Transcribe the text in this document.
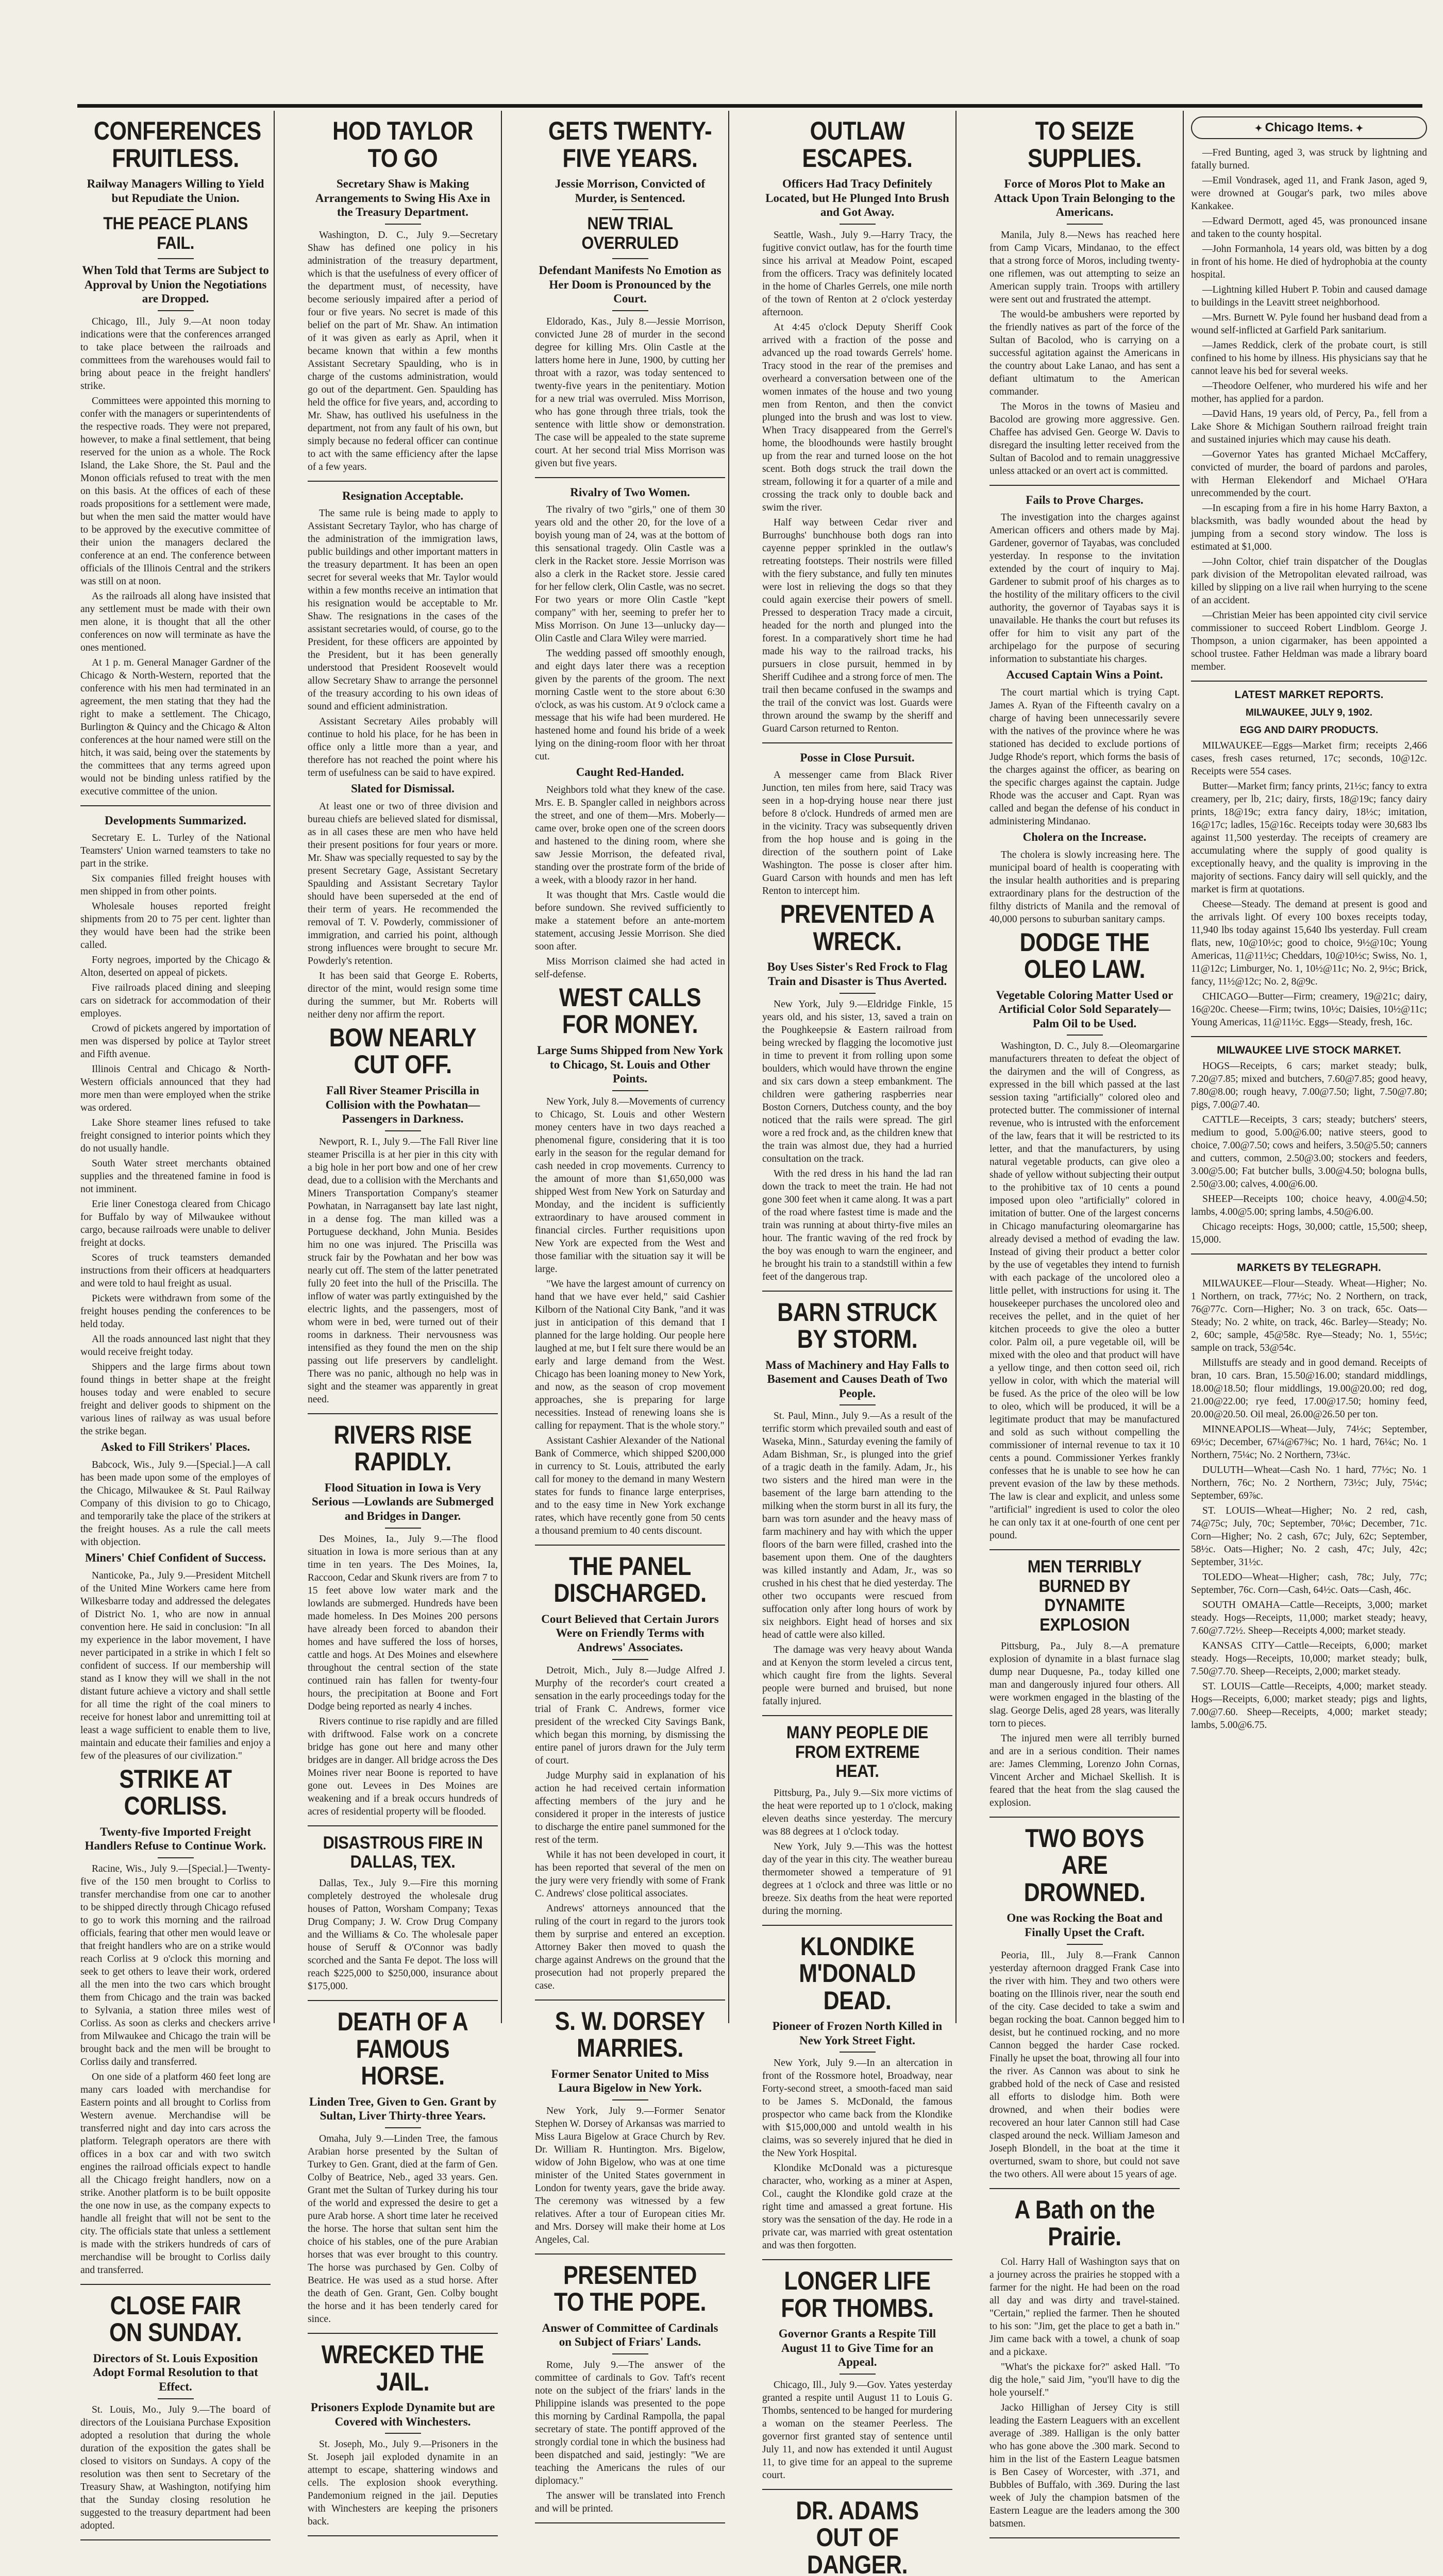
CONFERENCES FRUITLESS.
Railway Managers Willing to Yield but Repudiate the Union.
THE PEACE PLANS FAIL.
When Told that Terms are Subject to Approval by Union the Negotiations are Dropped.

Chicago, Ill., July 9.—At noon today indications were that the conferences arranged to take place between the railroads and committees from the warehouses would fail to bring about peace in the freight handlers' strike.

Committees were appointed this morning to confer with the managers or superintendents of the respective roads. They were not prepared, however, to make a final settlement, that being reserved for the union as a whole. The Rock Island, the Lake Shore, the St. Paul and the Monon officials refused to treat with the men on this basis. At the offices of each of these roads propositions for a settlement were made, but when the men said the matter would have to be approved by the executive committee of their union the managers declared the conference at an end. The conference between officials of the Illinois Central and the strikers was still on at noon.

As the railroads all along have insisted that any settlement must be made with their own men alone, it is thought that all the other conferences on now will terminate as have the ones mentioned.

At 1 p. m. General Manager Gardner of the Chicago & North-Western, reported that the conference with his men had terminated in an agreement, the men stating that they had the right to make a settlement. The Chicago, Burlington & Quincy and the Chicago & Alton conferences at the hour named were still on the hitch, it was said, being over the statements by the committees that any terms agreed upon would not be binding unless ratified by the executive committee of the union.

Developments Summarized.

Secretary E. L. Turley of the National Teamsters' Union warned teamsters to take no part in the strike.

Six companies filled freight houses with men shipped in from other points.

Wholesale houses reported freight shipments from 20 to 75 per cent. lighter than they would have been had the strike been called.

Forty negroes, imported by the Chicago & Alton, deserted on appeal of pickets.

Five railroads placed dining and sleeping cars on sidetrack for accommodation of their employes.

Crowd of pickets angered by importation of men was dispersed by police at Taylor street and Fifth avenue.

Illinois Central and Chicago & North-Western officials announced that they had more men than were employed when the strike was ordered.

Lake Shore steamer lines refused to take freight consigned to interior points which they do not usually handle.

South Water street merchants obtained supplies and the threatened famine in food is not imminent.

Erie liner Conestoga cleared from Chicago for Buffalo by way of Milwaukee without cargo, because railroads were unable to deliver freight at docks.

Scores of truck teamsters demanded instructions from their officers at headquarters and were told to haul freight as usual.

Pickets were withdrawn from some of the freight houses pending the conferences to be held today.

All the roads announced last night that they would receive freight today.

Shippers and the large firms about town found things in better shape at the freight houses today and were enabled to secure freight and deliver goods to shipment on the various lines of railway as was usual before the strike began.

Asked to Fill Strikers' Places.

Babcock, Wis., July 9.—[Special.]—A call has been made upon some of the employes of the Chicago, Milwaukee & St. Paul Railway Company of this division to go to Chicago, and temporarily take the place of the strikers at the freight houses. As a rule the call meets with objection.

Miners' Chief Confident of Success.

Nanticoke, Pa., July 9.—President Mitchell of the United Mine Workers came here from Wilkesbarre today and addressed the delegates of District No. 1, who are now in annual convention here. He said in conclusion: "In all my experience in the labor movement, I have never participated in a strike in which I felt so confident of success. If our membership will stand as I know they will we shall in the not distant future achieve a victory and shall settle for all time the right of the coal miners to receive for honest labor and unremitting toil at least a wage sufficient to enable them to live, maintain and educate their families and enjoy a few of the pleasures of our civilization."

STRIKE AT CORLISS.
Twenty-five Imported Freight Handlers Refuse to Continue Work.

Racine, Wis., July 9.—[Special.]—Twenty-five of the 150 men brought to Corliss to transfer merchandise from one car to another to be shipped directly through Chicago refused to go to work this morning and the railroad officials, fearing that other men would leave or that freight handlers who are on a strike would reach Corliss at 9 o'clock this morning and seek to get others to leave their work, ordered all the men into the two cars which brought them from Chicago and the train was backed to Sylvania, a station three miles west of Corliss. As soon as clerks and checkers arrive from Milwaukee and Chicago the train will be brought back and the men will be brought to Corliss daily and transferred.

On one side of a platform 460 feet long are many cars loaded with merchandise for Eastern points and all brought to Corliss from Western avenue. Merchandise will be transferred night and day into cars across the platform. Telegraph operators are there with offices in a box car and with two switch engines the railroad officials expect to handle all the Chicago freight handlers, now on a strike. Another platform is to be built opposite the one now in use, as the company expects to handle all freight that will not be sent to the city. The officials state that unless a settlement is made with the strikers hundreds of cars of merchandise will be brought to Corliss daily and transferred.

CLOSE FAIR ON SUNDAY.
Directors of St. Louis Exposition Adopt Formal Resolution to that Effect.

St. Louis, Mo., July 9.—The board of directors of the Louisiana Purchase Exposition adopted a resolution that during the whole duration of the exposition the gates shall be closed to visitors on Sundays. A copy of the resolution was then sent to Secretary of the Treasury Shaw, at Washington, notifying him that the Sunday closing resolution he suggested to the treasury department had been adopted.

HOD TAYLOR TO GO
Secretary Shaw is Making Arrangements to Swing His Axe in the Treasury Department.

Washington, D. C., July 9.—Secretary Shaw has defined one policy in his administration of the treasury department, which is that the usefulness of every officer of the department must, of necessity, have become seriously impaired after a period of four or five years. No secret is made of this belief on the part of Mr. Shaw. An intimation of it was given as early as April, when it became known that within a few months Assistant Secretary Spaulding, who is in charge of the customs administration, would go out of the department. Gen. Spaulding has held the office for five years, and, according to Mr. Shaw, has outlived his usefulness in the department, not from any fault of his own, but simply because no federal officer can continue to act with the same efficiency after the lapse of a few years.

Resignation Acceptable.

The same rule is being made to apply to Assistant Secretary Taylor, who has charge of the administration of the immigration laws, public buildings and other important matters in the treasury department. It has been an open secret for several weeks that Mr. Taylor would within a few months receive an intimation that his resignation would be acceptable to Mr. Shaw. The resignations in the cases of the assistant secretaries would, of course, go to the President, for these officers are appointed by the President, but it has been generally understood that President Roosevelt would allow Secretary Shaw to arrange the personnel of the treasury according to his own ideas of sound and efficient administration.

Assistant Secretary Ailes probably will continue to hold his place, for he has been in office only a little more than a year, and therefore has not reached the point where his term of usefulness can be said to have expired.

Slated for Dismissal.

At least one or two of three division and bureau chiefs are believed slated for dismissal, as in all cases these are men who have held their present positions for four years or more. Mr. Shaw was specially requested to say by the present Secretary Gage, Assistant Secretary Spaulding and Assistant Secretary Taylor should have been superseded at the end of their term of years. He recommended the removal of T. V. Powderly, commissioner of immigration, and carried his point, although strong influences were brought to secure Mr. Powderly's retention.

It has been said that George E. Roberts, director of the mint, would resign some time during the summer, but Mr. Roberts will neither deny nor affirm the report.

BOW NEARLY CUT OFF.
Fall River Steamer Priscilla in Collision with the Powhatan—Passengers in Darkness.

Newport, R. I., July 9.—The Fall River line steamer Priscilla is at her pier in this city with a big hole in her port bow and one of her crew dead, due to a collision with the Merchants and Miners Transportation Company's steamer Powhatan, in Narragansett bay late last night, in a dense fog. The man killed was a Portuguese deckhand, John Munia. Besides him no one was injured. The Priscilla was struck fair by the Powhatan and her bow was nearly cut off. The stem of the latter penetrated fully 20 feet into the hull of the Priscilla. The inflow of water was partly extinguished by the electric lights, and the passengers, most of whom were in bed, were turned out of their rooms in darkness. Their nervousness was intensified as they found the men on the ship passing out life preservers by candlelight. There was no panic, although no help was in sight and the steamer was apparently in great need.

RIVERS RISE RAPIDLY.
Flood Situation in Iowa is Very Serious —Lowlands are Submerged and Bridges in Danger.

Des Moines, Ia., July 9.—The flood situation in Iowa is more serious than at any time in ten years. The Des Moines, Ia, Raccoon, Cedar and Skunk rivers are from 7 to 15 feet above low water mark and the lowlands are submerged. Hundreds have been made homeless. In Des Moines 200 persons have already been forced to abandon their homes and have suffered the loss of horses, cattle and hogs. At Des Moines and elsewhere throughout the central section of the state continued rain has fallen for twenty-four hours, the precipitation at Boone and Fort Dodge being reported as nearly 4 inches.

Rivers continue to rise rapidly and are filled with driftwood. False work on a concrete bridge has gone out here and many other bridges are in danger. All bridge across the Des Moines river near Boone is reported to have gone out. Levees in Des Moines are weakening and if a break occurs hundreds of acres of residential property will be flooded.

DISASTROUS FIRE IN DALLAS, TEX.

Dallas, Tex., July 9.—Fire this morning completely destroyed the wholesale drug houses of Patton, Worsham Company; Texas Drug Company; J. W. Crow Drug Company and the Williams & Co. The wholesale paper house of Seruff & O'Connor was badly scorched and the Santa Fe depot. The loss will reach $225,000 to $250,000, insurance about $175,000.

DEATH OF A FAMOUS HORSE.
Linden Tree, Given to Gen. Grant by Sultan, Liver Thirty-three Years.

Omaha, July 9.—Linden Tree, the famous Arabian horse presented by the Sultan of Turkey to Gen. Grant, died at the farm of Gen. Colby of Beatrice, Neb., aged 33 years. Gen. Grant met the Sultan of Turkey during his tour of the world and expressed the desire to get a pure Arab horse. A short time later he received the horse. The horse that sultan sent him the choice of his stables, one of the pure Arabian horses that was ever brought to this country. The horse was purchased by Gen. Colby of Beatrice. He was used as a stud horse. After the death of Gen. Grant, Gen. Colby bought the horse and it has been tenderly cared for since.

WRECKED THE JAIL.
Prisoners Explode Dynamite but are Covered with Winchesters.

St. Joseph, Mo., July 9.—Prisoners in the St. Joseph jail exploded dynamite in an attempt to escape, shattering windows and cells. The explosion shook everything. Pandemonium reigned in the jail. Deputies with Winchesters are keeping the prisoners back.

GETS TWENTY-FIVE YEARS.
Jessie Morrison, Convicted of Murder, is Sentenced.
NEW TRIAL OVERRULED
Defendant Manifests No Emotion as Her Doom is Pronounced by the Court.

Eldorado, Kas., July 8.—Jessie Morrison, convicted June 28 of murder in the second degree for killing Mrs. Olin Castle at the latters home here in June, 1900, by cutting her throat with a razor, was today sentenced to twenty-five years in the penitentiary. Motion for a new trial was overruled. Miss Morrison, who has gone through three trials, took the sentence with little show or demonstration. The case will be appealed to the state supreme court. At her second trial Miss Morrison was given but five years.

Rivalry of Two Women.

The rivalry of two "girls," one of them 30 years old and the other 20, for the love of a boyish young man of 24, was at the bottom of this sensational tragedy. Olin Castle was a clerk in the Racket store. Jessie Morrison was also a clerk in the Racket store. Jessie cared for her fellow clerk, Olin Castle, was no secret. For two years or more Olin Castle "kept company" with her, seeming to prefer her to Miss Morrison. On June 13—unlucky day—Olin Castle and Clara Wiley were married.

The wedding passed off smoothly enough, and eight days later there was a reception given by the parents of the groom. The next morning Castle went to the store about 6:30 o'clock, as was his custom. At 9 o'clock came a message that his wife had been murdered. He hastened home and found his bride of a week lying on the dining-room floor with her throat cut.

Caught Red-Handed.

Neighbors told what they knew of the case. Mrs. E. B. Spangler called in neighbors across the street, and one of them—Mrs. Moberly—came over, broke open one of the screen doors and hastened to the dining room, where she saw Jessie Morrison, the defeated rival, standing over the prostrate form of the bride of a week, with a bloody razor in her hand.

It was thought that Mrs. Castle would die before sundown. She revived sufficiently to make a statement before an ante-mortem statement, accusing Jessie Morrison. She died soon after.

Miss Morrison claimed she had acted in self-defense.

WEST CALLS FOR MONEY.
Large Sums Shipped from New York to Chicago, St. Louis and Other Points.

New York, July 8.—Movements of currency to Chicago, St. Louis and other Western money centers have in two days reached a phenomenal figure, considering that it is too early in the season for the regular demand for cash needed in crop movements. Currency to the amount of more than $1,650,000 was shipped West from New York on Saturday and Monday, and the incident is sufficiently extraordinary to have aroused comment in financial circles. Further requisitions upon New York are expected from the West and those familiar with the situation say it will be large.

"We have the largest amount of currency on hand that we have ever held," said Cashier Kilborn of the National City Bank, "and it was just in anticipation of this demand that I planned for the large holding. Our people here laughed at me, but I felt sure there would be an early and large demand from the West. Chicago has been loaning money to New York, and now, as the season of crop movement approaches, she is preparing for large necessities. Instead of renewing loans she is calling for repayment. That is the whole story."

Assistant Cashier Alexander of the National Bank of Commerce, which shipped $200,000 in currency to St. Louis, attributed the early call for money to the demand in many Western states for funds to finance large enterprises, and to the easy time in New York exchange rates, which have recently gone from 50 cents a thousand premium to 40 cents discount.

THE PANEL DISCHARGED.
Court Believed that Certain Jurors Were on Friendly Terms with Andrews' Associates.

Detroit, Mich., July 8.—Judge Alfred J. Murphy of the recorder's court created a sensation in the early proceedings today for the trial of Frank C. Andrews, former vice president of the wrecked City Savings Bank, which began this morning, by dismissing the entire panel of jurors drawn for the July term of court.

Judge Murphy said in explanation of his action he had received certain information affecting members of the jury and he considered it proper in the interests of justice to discharge the entire panel summoned for the rest of the term.

While it has not been developed in court, it has been reported that several of the men on the jury were very friendly with some of Frank C. Andrews' close political associates.

Andrews' attorneys announced that the ruling of the court in regard to the jurors took them by surprise and entered an exception. Attorney Baker then moved to quash the charge against Andrews on the ground that the prosecution had not properly prepared the case.

S. W. DORSEY MARRIES.
Former Senator United to Miss Laura Bigelow in New York.

New York, July 9.—Former Senator Stephen W. Dorsey of Arkansas was married to Miss Laura Bigelow at Grace Church by Rev. Dr. William R. Huntington. Mrs. Bigelow, widow of John Bigelow, who was at one time minister of the United States government in London for twenty years, gave the bride away. The ceremony was witnessed by a few relatives. After a tour of European cities Mr. and Mrs. Dorsey will make their home at Los Angeles, Cal.

PRESENTED TO THE POPE.
Answer of Committee of Cardinals on Subject of Friars' Lands.

Rome, July 9.—The answer of the committee of cardinals to Gov. Taft's recent note on the subject of the friars' lands in the Philippine islands was presented to the pope this morning by Cardinal Rampolla, the papal secretary of state. The pontiff approved of the strongly cordial tone in which the business had been dispatched and said, jestingly: "We are teaching the Americans the rules of our diplomacy."

The answer will be translated into French and will be printed.

OUTLAW ESCAPES.
Officers Had Tracy Definitely Located, but He Plunged Into Brush and Got Away.

Seattle, Wash., July 9.—Harry Tracy, the fugitive convict outlaw, has for the fourth time since his arrival at Meadow Point, escaped from the officers. Tracy was definitely located in the home of Charles Gerrels, one mile north of the town of Renton at 2 o'clock yesterday afternoon.

At 4:45 o'clock Deputy Sheriff Cook arrived with a fraction of the posse and advanced up the road towards Gerrels' home. Tracy stood in the rear of the premises and overheard a conversation between one of the women inmates of the house and two young men from Renton, and then the convict plunged into the brush and was lost to view. When Tracy disappeared from the Gerrel's home, the bloodhounds were hastily brought up from the rear and turned loose on the hot scent. Both dogs struck the trail down the stream, following it for a quarter of a mile and crossing the track only to double back and swim the river.

Half way between Cedar river and Burroughs' bunchhouse both dogs ran into cayenne pepper sprinkled in the outlaw's retreating footsteps. Their nostrils were filled with the fiery substance, and fully ten minutes were lost in relieving the dogs so that they could again exercise their powers of smell. Pressed to desperation Tracy made a circuit, headed for the north and plunged into the forest. In a comparatively short time he had made his way to the railroad tracks, his pursuers in close pursuit, hemmed in by Sheriff Cudihee and a strong force of men. The trail then became confused in the swamps and the trail of the convict was lost. Guards were thrown around the swamp by the sheriff and Guard Carson returned to Renton.

Posse in Close Pursuit.

A messenger came from Black River Junction, ten miles from here, said Tracy was seen in a hop-drying house near there just before 8 o'clock. Hundreds of armed men are in the vicinity. Tracy was subsequently driven from the hop house and is going in the direction of the southern point of Lake Washington. The posse is closer after him. Guard Carson with hounds and men has left Renton to intercept him.

PREVENTED A WRECK.
Boy Uses Sister's Red Frock to Flag Train and Disaster is Thus Averted.

New York, July 9.—Eldridge Finkle, 15 years old, and his sister, 13, saved a train on the Poughkeepsie & Eastern railroad from being wrecked by flagging the locomotive just in time to prevent it from rolling upon some boulders, which would have thrown the engine and six cars down a steep embankment. The children were gathering raspberries near Boston Corners, Dutchess county, and the boy noticed that the rails were spread. The girl wore a red frock and, as the children knew that the train was almost due, they had a hurried consultation on the track.

With the red dress in his hand the lad ran down the track to meet the train. He had not gone 300 feet when it came along. It was a part of the road where fastest time is made and the train was running at about thirty-five miles an hour. The frantic waving of the red frock by the boy was enough to warn the engineer, and he brought his train to a standstill within a few feet of the dangerous trap.

BARN STRUCK BY STORM.
Mass of Machinery and Hay Falls to Basement and Causes Death of Two People.

St. Paul, Minn., July 9.—As a result of the terrific storm which prevailed south and east of Waseka, Minn., Saturday evening the family of Adam Bishman, Sr., is plunged into the grief of a tragic death in the family. Adam, Jr., his two sisters and the hired man were in the basement of the large barn attending to the milking when the storm burst in all its fury, the barn was torn asunder and the heavy mass of farm machinery and hay with which the upper floors of the barn were filled, crashed into the basement upon them. One of the daughters was killed instantly and Adam, Jr., was so crushed in his chest that he died yesterday. The other two occupants were rescued from suffocation only after long hours of work by six neighbors. Eight head of horses and six head of cattle were also killed.

The damage was very heavy about Wanda and at Kenyon the storm leveled a circus tent, which caught fire from the lights. Several people were burned and bruised, but none fatally injured.

MANY PEOPLE DIE FROM EXTREME HEAT.

Pittsburg, Pa., July 9.—Six more victims of the heat were reported up to 1 o'clock, making eleven deaths since yesterday. The mercury was 88 degrees at 1 o'clock today.

New York, July 9.—This was the hottest day of the year in this city. The weather bureau thermometer showed a temperature of 91 degrees at 1 o'clock and three was little or no breeze. Six deaths from the heat were reported during the morning.

KLONDIKE M'DONALD DEAD.
Pioneer of Frozen North Killed in New York Street Fight.

New York, July 9.—In an altercation in front of the Rossmore hotel, Broadway, near Forty-second street, a smooth-faced man said to be James S. McDonald, the famous prospector who came back from the Klondike with $15,000,000 and untold wealth in his claims, was so severely injured that he died in the New York Hospital.

Klondike McDonald was a picturesque character, who, working as a miner at Aspen, Col., caught the Klondike gold craze at the right time and amassed a great fortune. His story was the sensation of the day. He rode in a private car, was married with great ostentation and was then forgotten.

LONGER LIFE FOR THOMBS.
Governor Grants a Respite Till August 11 to Give Time for an Appeal.

Chicago, Ill., July 9.—Gov. Yates yesterday granted a respite until August 11 to Louis G. Thombs, sentenced to be hanged for murdering a woman on the steamer Peerless. The governor first granted stay of sentence until July 11, and now has extended it until August 11, to give time for an appeal to the supreme court.

DR. ADAMS OUT OF DANGER.

TO SEIZE SUPPLIES.
Force of Moros Plot to Make an Attack Upon Train Belonging to the Americans.

Manila, July 8.—News has reached here from Camp Vicars, Mindanao, to the effect that a strong force of Moros, including twenty-one riflemen, was out attempting to seize an American supply train. Troops with artillery were sent out and frustrated the attempt.

The would-be ambushers were reported by the friendly natives as part of the force of the Sultan of Bacolod, who is carrying on a successful agitation against the Americans in the country about Lake Lanao, and has sent a defiant ultimatum to the American commander.

The Moros in the towns of Masieu and Bacolod are growing more aggressive. Gen. Chaffee has advised Gen. George W. Davis to disregard the insulting letter received from the Sultan of Bacolod and to remain unaggressive unless attacked or an overt act is committed.

Fails to Prove Charges.

The investigation into the charges against American officers and others made by Maj. Gardener, governor of Tayabas, was concluded yesterday. In response to the invitation extended by the court of inquiry to Maj. Gardener to submit proof of his charges as to the hostility of the military officers to the civil authority, the governor of Tayabas says it is unavailable. He thanks the court but refuses its offer for him to visit any part of the archipelago for the purpose of securing information to substantiate his charges.

Accused Captain Wins a Point.

The court martial which is trying Capt. James A. Ryan of the Fifteenth cavalry on a charge of having been unnecessarily severe with the natives of the province where he was stationed has decided to exclude portions of Judge Rhode's report, which forms the basis of the charges against the officer, as bearing on the specific charges against the captain. Judge Rhode was the accuser and Capt. Ryan was called and began the defense of his conduct in administering Mindanao.

Cholera on the Increase.

The cholera is slowly increasing here. The municipal board of health is cooperating with the insular health authorities and is preparing extraordinary plans for the destruction of the filthy districts of Manila and the removal of 40,000 persons to suburban sanitary camps.

DODGE THE OLEO LAW.
Vegetable Coloring Matter Used or Artificial Color Sold Separately—Palm Oil to be Used.

Washington, D. C., July 8.—Oleomargarine manufacturers threaten to defeat the object of the dairymen and the will of Congress, as expressed in the bill which passed at the last session taxing "artificially" colored oleo and protected butter. The commissioner of internal revenue, who is intrusted with the enforcement of the law, fears that it will be restricted to its letter, and that the manufacturers, by using natural vegetable products, can give oleo a shade of yellow without subjecting their output to the prohibitive tax of 10 cents a pound imposed upon oleo "artificially" colored in imitation of butter. One of the largest concerns in Chicago manufacturing oleomargarine has already devised a method of evading the law. Instead of giving their product a better color by the use of vegetables they intend to furnish with each package of the uncolored oleo a little pellet, with instructions for using it. The housekeeper purchases the uncolored oleo and receives the pellet, and in the quiet of her kitchen proceeds to give the oleo a butter color. Palm oil, a pure vegetable oil, will be mixed with the oleo and that product will have a yellow tinge, and then cotton seed oil, rich yellow in color, with which the material will be fused. As the price of the oleo will be low to oleo, which will be produced, it will be a legitimate product that may be manufactured and sold as such without compelling the commissioner of internal revenue to tax it 10 cents a pound. Commissioner Yerkes frankly confesses that he is unable to see how he can prevent evasion of the law by these methods. The law is clear and explicit, and unless some "artificial" ingredient is used to color the oleo he can only tax it at one-fourth of one cent per pound.

MEN TERRIBLY BURNED BY DYNAMITE EXPLOSION

Pittsburg, Pa., July 8.—A premature explosion of dynamite in a blast furnace slag dump near Duquesne, Pa., today killed one man and dangerously injured four others. All were workmen engaged in the blasting of the slag. George Delis, aged 28 years, was literally torn to pieces.

The injured men were all terribly burned and are in a serious condition. Their names are: James Clemming, Lorenzo John Cornas, Vincent Archer and Michael Skellish. It is feared that the heat from the slag caused the explosion.

TWO BOYS ARE DROWNED.
One was Rocking the Boat and Finally Upset the Craft.

Peoria, Ill., July 8.—Frank Cannon yesterday afternoon dragged Frank Case into the river with him. They and two others were boating on the Illinois river, near the south end of the city. Case decided to take a swim and began rocking the boat. Cannon begged him to desist, but he continued rocking, and no more Cannon begged the harder Case rocked. Finally he upset the boat, throwing all four into the river. As Cannon was about to sink he grabbed hold of the neck of Case and resisted all efforts to dislodge him. Both were drowned, and when their bodies were recovered an hour later Cannon still had Case clasped around the neck. William Jameson and Joseph Blondell, in the boat at the time it overturned, swam to shore, but could not save the two others. All were about 15 years of age.

A Bath on the Prairie.

Col. Harry Hall of Washington says that on a journey across the prairies he stopped with a farmer for the night. He had been on the road all day and was dirty and travel-stained. "Certain," replied the farmer. Then he shouted to his son: "Jim, get the place to get a bath in." Jim came back with a towel, a chunk of soap and a pickaxe.

"What's the pickaxe for?" asked Hall. "To dig the hole," said Jim, "you'll have to dig the hole yourself."

Jacko Hillighan of Jersey City is still leading the Eastern Leaguers with an excellent average of .389. Halligan is the only batter who has gone above the .300 mark. Second to him in the list of the Eastern League batsmen is Ben Casey of Worcester, with .371, and Bubbles of Buffalo, with .369. During the last week of July the champion batsmen of the Eastern League are the leaders among the 300 batsmen.

✦ Chicago Items. ✦

—Fred Bunting, aged 3, was struck by lightning and fatally burned.

—Emil Vondrasek, aged 11, and Frank Jason, aged 9, were drowned at Gougar's park, two miles above Kankakee.

—Edward Dermott, aged 45, was pronounced insane and taken to the county hospital.

—John Formanhola, 14 years old, was bitten by a dog in front of his home. He died of hydrophobia at the county hospital.

—Lightning killed Hubert P. Tobin and caused damage to buildings in the Leavitt street neighborhood.

—Mrs. Burnett W. Pyle found her husband dead from a wound self-inflicted at Garfield Park sanitarium.

—James Reddick, clerk of the probate court, is still confined to his home by illness. His physicians say that he cannot leave his bed for several weeks.

—Theodore Oelfener, who murdered his wife and her mother, has applied for a pardon.

—David Hans, 19 years old, of Percy, Pa., fell from a Lake Shore & Michigan Southern railroad freight train and sustained injuries which may cause his death.

—Governor Yates has granted Michael McCaffery, convicted of murder, the board of pardons and paroles, with Herman Elekendorf and Michael O'Hara unrecommended by the court.

—In escaping from a fire in his home Harry Baxton, a blacksmith, was badly wounded about the head by jumping from a second story window. The loss is estimated at $1,000.

—John Coltor, chief train dispatcher of the Douglas park division of the Metropolitan elevated railroad, was killed by slipping on a live rail when hurrying to the scene of an accident.

—Christian Meier has been appointed city civil service commissioner to succeed Robert Lindblom. George J. Thompson, a union cigarmaker, has been appointed a school trustee. Father Heldman was made a library board member.

LATEST MARKET REPORTS.
MILWAUKEE, JULY 9, 1902.
EGG AND DAIRY PRODUCTS.

MILWAUKEE—Eggs—Market firm; receipts 2,466 cases, fresh cases returned, 17c; seconds, 10@12c. Receipts were 554 cases.

Butter—Market firm; fancy prints, 21½c; fancy to extra creamery, per lb, 21c; dairy, firsts, 18@19c; fancy dairy prints, 18@19c; extra fancy dairy, 18½c; imitation, 16@17c; ladles, 15@16c. Receipts today were 30,683 lbs against 11,500 yesterday. The receipts of creamery are accumulating where the supply of good quality is exceptionally heavy, and the quality is improving in the majority of sections. Fancy dairy will sell quickly, and the market is firm at quotations.

Cheese—Steady. The demand at present is good and the arrivals light. Of every 100 boxes receipts today, 11,940 lbs today against 15,640 lbs yesterday. Full cream flats, new, 10@10½c; good to choice, 9½@10c; Young Americas, 11@11½c; Cheddars, 10@10½c; Swiss, No. 1, 11@12c; Limburger, No. 1, 10½@11c; No. 2, 9½c; Brick, fancy, 11½@12c; No. 2, 8@9c.

CHICAGO—Butter—Firm; creamery, 19@21c; dairy, 16@20c. Cheese—Firm; twins, 10½c; Daisies, 10½@11c; Young Americas, 11@11½c. Eggs—Steady, fresh, 16c.

MILWAUKEE LIVE STOCK MARKET.

HOGS—Receipts, 6 cars; market steady; bulk, 7.20@7.85; mixed and butchers, 7.60@7.85; good heavy, 7.80@8.00; rough heavy, 7.00@7.50; light, 7.50@7.80; pigs, 7.00@7.40.

CATTLE—Receipts, 3 cars; steady; butchers' steers, medium to good, 5.00@6.00; native steers, good to choice, 7.00@7.50; cows and heifers, 3.50@5.50; canners and cutters, common, 2.50@3.00; stockers and feeders, 3.00@5.00; Fat butcher bulls, 3.00@4.50; bologna bulls, 2.50@3.00; calves, 4.00@6.00.

SHEEP—Receipts 100; choice heavy, 4.00@4.50; lambs, 4.00@5.00; spring lambs, 4.50@6.00.

Chicago receipts: Hogs, 30,000; cattle, 15,500; sheep, 15,000.

MARKETS BY TELEGRAPH.

MILWAUKEE—Flour—Steady. Wheat—Higher; No. 1 Northern, on track, 77½c; No. 2 Northern, on track, 76@77c. Corn—Higher; No. 3 on track, 65c. Oats—Steady; No. 2 white, on track, 46c. Barley—Steady; No. 2, 60c; sample, 45@58c. Rye—Steady; No. 1, 55½c; sample on track, 53@54c.

Millstuffs are steady and in good demand. Receipts of bran, 10 cars. Bran, 15.50@16.00; standard middlings, 18.00@18.50; flour middlings, 19.00@20.00; red dog, 21.00@22.00; rye feed, 17.00@17.50; hominy feed, 20.00@20.50. Oil meal, 26.00@26.50 per ton.

MINNEAPOLIS—Wheat—July, 74½c; September, 69½c; December, 67¼@67⅜c; No. 1 hard, 76¼c; No. 1 Northern, 75¼c; No. 2 Northern, 73¼c.

DULUTH—Wheat—Cash No. 1 hard, 77½c; No. 1 Northern, 76c; No. 2 Northern, 73½c; July, 75¼c; September, 69⅞c.

ST. LOUIS—Wheat—Higher; No. 2 red, cash, 74@75c; July, 70c; September, 70⅛c; December, 71c. Corn—Higher; No. 2 cash, 67c; July, 62c; September, 58½c. Oats—Higher; No. 2 cash, 47c; July, 42c; September, 31½c.

TOLEDO—Wheat—Higher; cash, 78c; July, 77c; September, 76c. Corn—Cash, 64½c. Oats—Cash, 46c.

SOUTH OMAHA—Cattle—Receipts, 3,000; market steady. Hogs—Receipts, 11,000; market steady; heavy, 7.60@7.72½. Sheep—Receipts 4,000; market steady.

KANSAS CITY—Cattle—Receipts, 6,000; market steady. Hogs—Receipts, 10,000; market steady; bulk, 7.50@7.70. Sheep—Receipts, 2,000; market steady.

ST. LOUIS—Cattle—Receipts, 4,000; market steady. Hogs—Receipts, 6,000; market steady; pigs and lights, 7.00@7.60. Sheep—Receipts, 4,000; market steady; lambs, 5.00@6.75.
